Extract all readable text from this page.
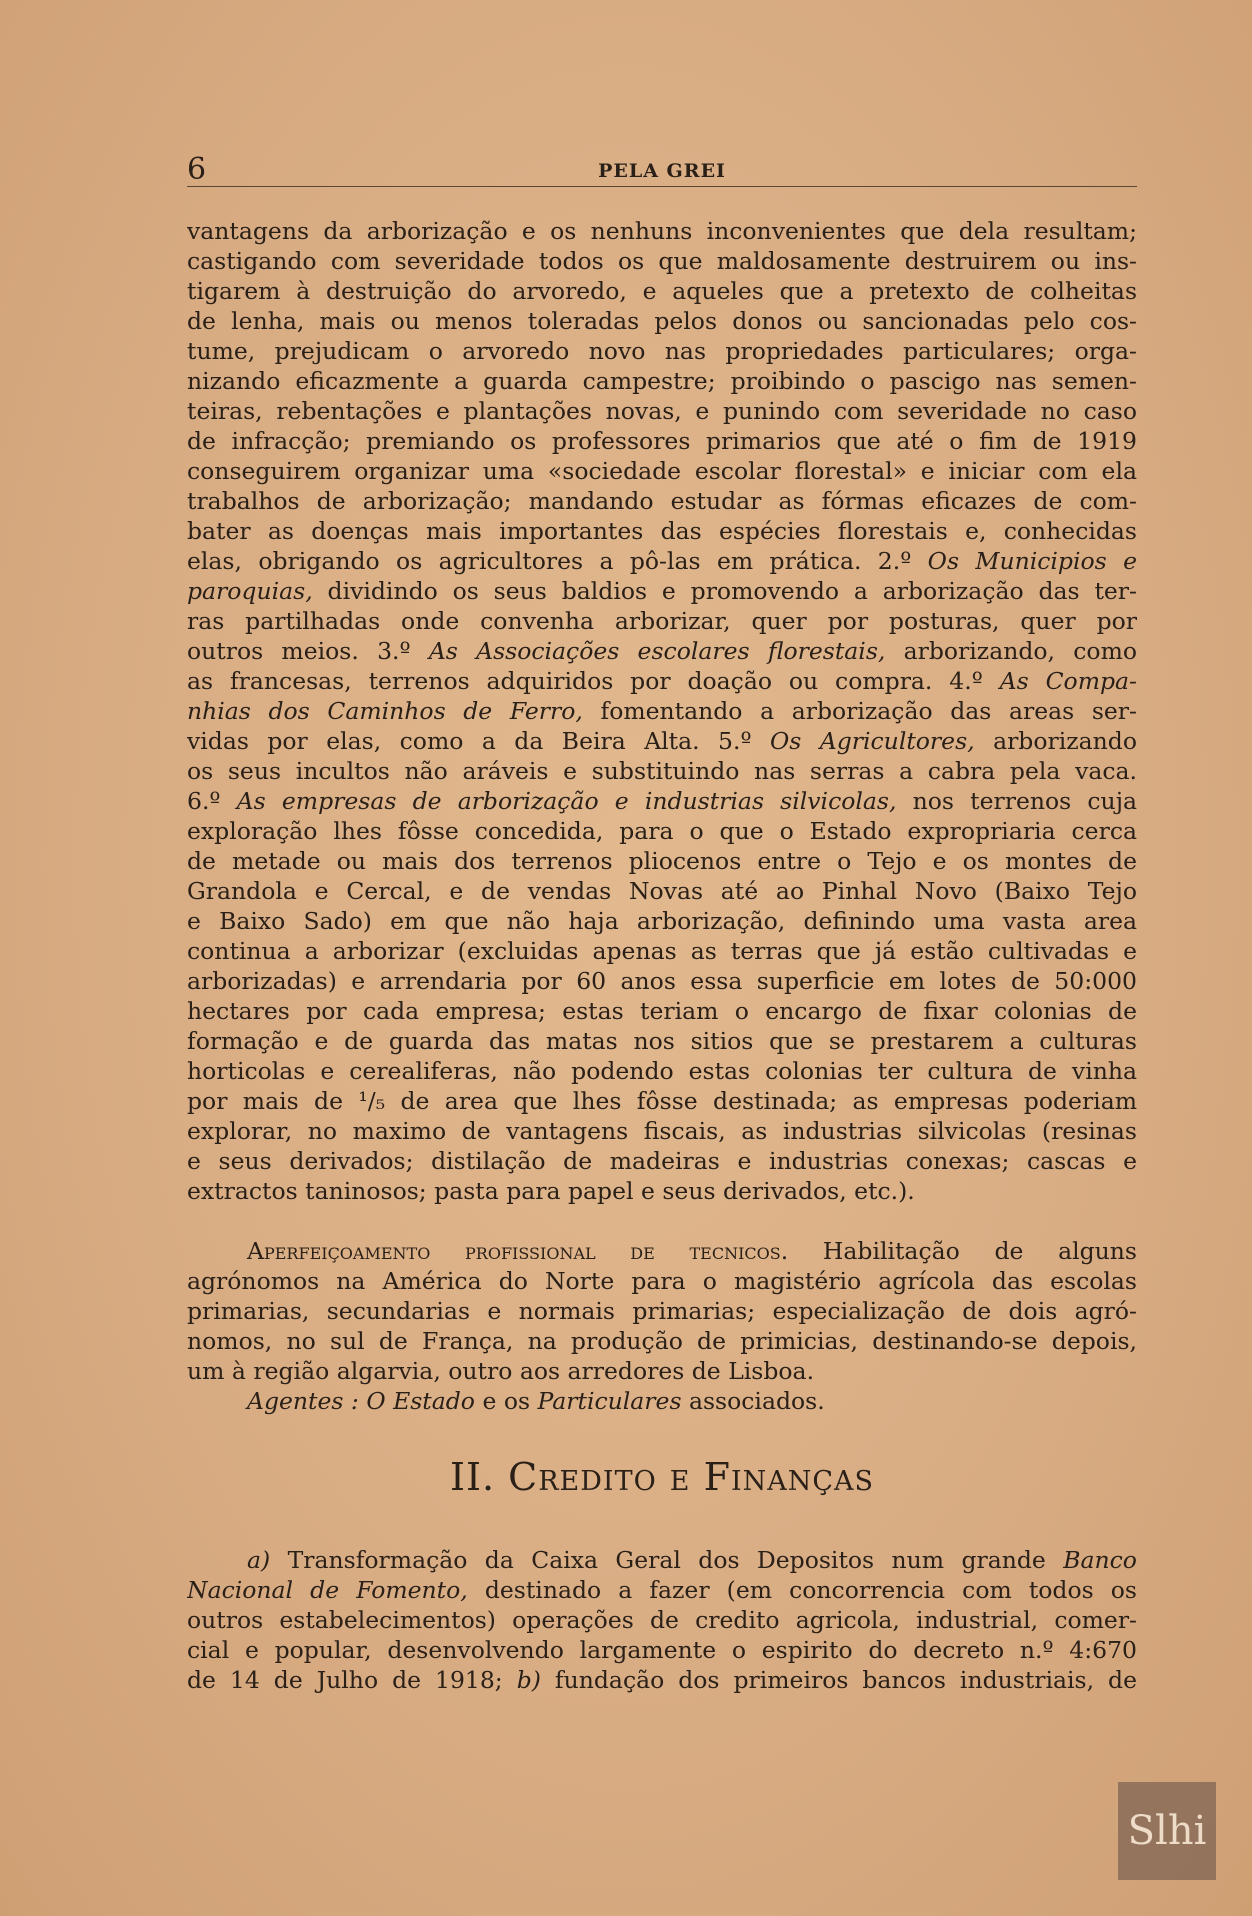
6	PELA GREI
vantagens da arborização e os nenhuns inconvenientes que dela resultam;
castigando com severidade todos os que maldosamente destruirem ou ins-
tigarem à destruição do arvoredo, e aqueles que a pretexto de colheitas
de lenha, mais ou menos toleradas pelos donos ou sancionadas pelo cos-
tume, prejudicam o arvoredo novo nas propriedades particulares; orga-
nizando eficazmente a guarda campestre; proibindo o pascigo nas semen-
teiras, rebentações e plantações novas, e punindo com severidade no caso
de infracção; premiando os professores primarios que até o fim de 1919
conseguirem organizar uma «sociedade escolar florestal» e iniciar com ela
trabalhos de arborização; mandando estudar as fórmas eficazes de com-
bater as doenças mais importantes das espécies florestais e, conhecidas
elas, obrigando os agricultores a pô-las em prática. 2.º Os Municipios e
paroquias, dividindo os seus baldios e promovendo a arborização das ter-
ras partilhadas onde convenha arborizar, quer por posturas, quer por
outros meios. 3.º As Associações escolares florestais, arborizando, como
as francesas, terrenos adquiridos por doação ou compra. 4.º As Compa-
nhias dos Caminhos de Ferro, fomentando a arborização das areas ser-
vidas por elas, como a da Beira Alta. 5.º Os Agricultores, arborizando
os seus incultos não aráveis e substituindo nas serras a cabra pela vaca.
6.º As empresas de arborização e industrias silvicolas, nos terrenos cuja
exploração lhes fôsse concedida, para o que o Estado expropriaria cerca
de metade ou mais dos terrenos pliocenos entre o Tejo e os montes de
Grandola e Cercal, e de vendas Novas até ao Pinhal Novo (Baixo Tejo
e Baixo Sado) em que não haja arborização, definindo uma vasta area
continua a arborizar (excluidas apenas as terras que já estão cultivadas e
arborizadas) e arrendaria por 60 anos essa superficie em lotes de 50:000
hectares por cada empresa; estas teriam o encargo de fixar colonias de
formação e de guarda das matas nos sitios que se prestarem a culturas
horticolas e cerealiferas, não podendo estas colonias ter cultura de vinha
por mais de ¹/₅ de area que lhes fôsse destinada; as empresas poderiam
explorar, no maximo de vantagens fiscais, as industrias silvicolas (resinas
e seus derivados; distilação de madeiras e industrias conexas; cascas e
extractos taninosos; pasta para papel e seus derivados, etc.).
Aperfeiçoamento profissional de tecnicos. Habilitação de alguns
agrónomos na América do Norte para o magistério agrícola das escolas
primarias, secundarias e normais primarias; especialização de dois agró-
nomos, no sul de França, na produção de primicias, destinando-se depois,
um à região algarvia, outro aos arredores de Lisboa.
Agentes : O Estado e os Particulares associados.
II. Credito e Finanças
a) Transformação da Caixa Geral dos Depositos num grande Banco
Nacional de Fomento, destinado a fazer (em concorrencia com todos os
outros estabelecimentos) operações de credito agricola, industrial, comer-
cial e popular, desenvolvendo largamente o espirito do decreto n.º 4:670
de 14 de Julho de 1918; b) fundação dos primeiros bancos industriais, de
Slhi
